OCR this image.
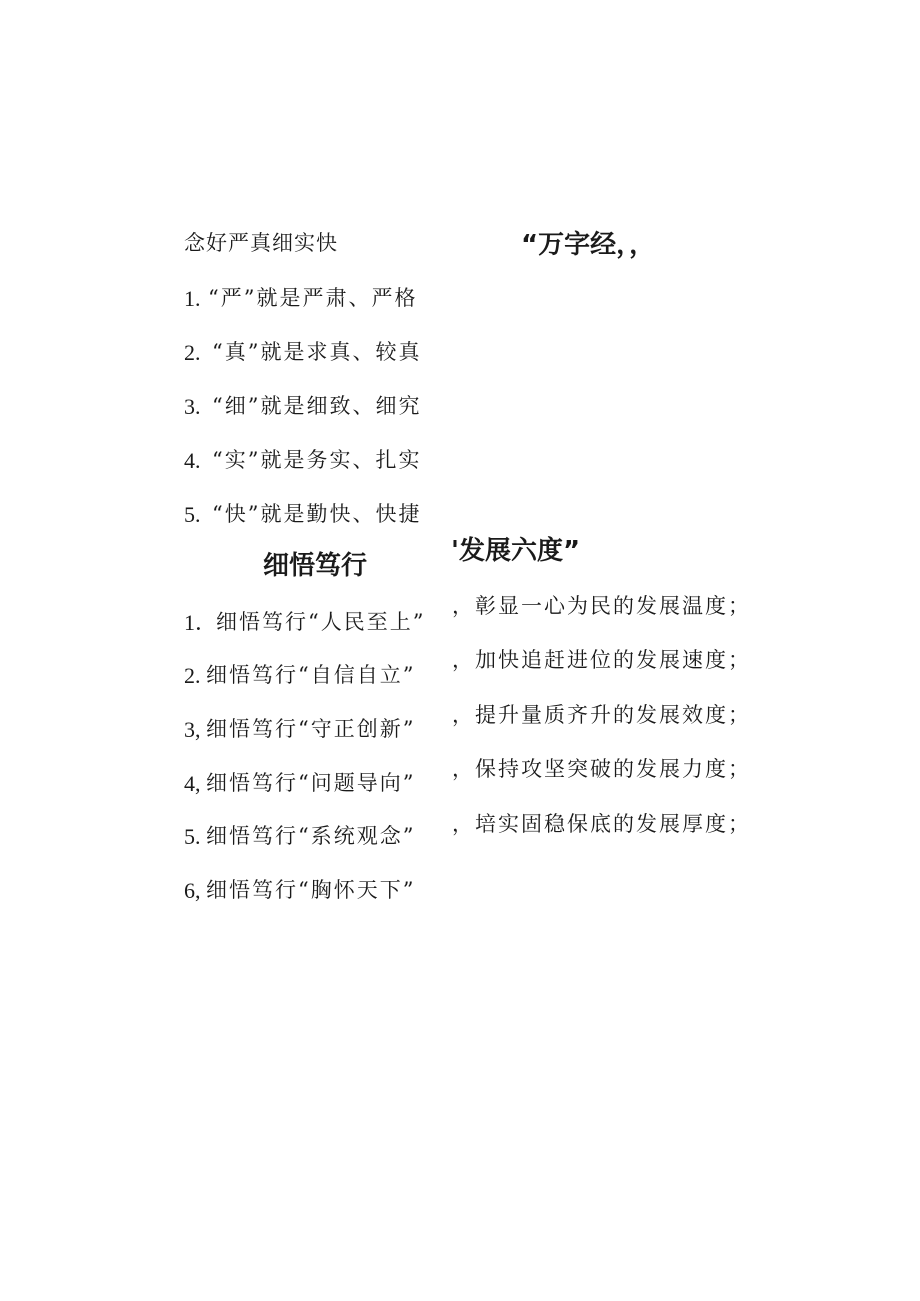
念好严真细实快	“万字经，，
1. “严”就是严肃、严格
2. “真”就是求真、较真
3. “细”就是细致、细究
4. “实”就是务实、扎实
5. “快”就是勤快、快捷
细悟笃行	'发展六度”
1．
细悟笃行“人民至上”
，彰显一心为民的发展温度；
2. 细悟笃行“自信自立”
，加快追赶进位的发展速度；
3, 细悟笃行“守正创新”
，提升量质齐升的发展效度；
4, 细悟笃行“问题导向”
，保持攻坚突破的发展力度；
5. 细悟笃行“系统观念” ，培实固稳保底的发展厚度；
6, 细悟笃行“胸怀天下”
